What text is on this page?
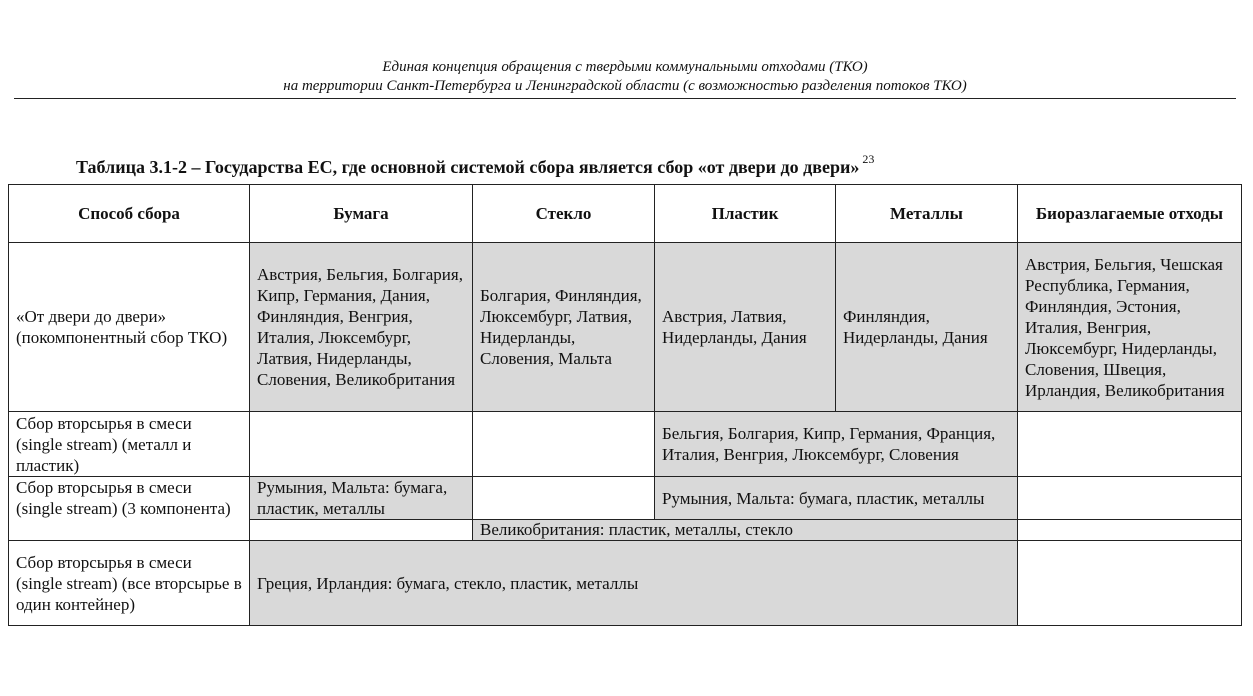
Единая концепция обращения с твердыми коммунальными отходами (ТКО)
на территории Санкт-Петербурга и Ленинградской области (с возможностью разделения потоков ТКО)
Таблица 3.1-2 – Государства ЕС, где основной системой сбора является сбор «от двери до двери» $^{23}$
Способ сбора	Бумага	Стекло	Пластик	Металлы	Биоразлагаемые отходы
«От двери до двери» (покомпонентный сбор ТКО)	Австрия, Бельгия, Болгария, Кипр, Германия, Дания, Финляндия, Венгрия, Италия, Люксембург, Латвия, Нидерланды, Словения, Великобритания	Болгария, Финляндия, Люксембург, Латвия, Нидерланды, Словения, Мальта	Австрия, Латвия, Нидерланды, Дания	Финляндия, Нидерланды, Дания	Австрия, Бельгия, Чешская Республика, Германия, Финляндия, Эстония, Италия, Венгрия, Люксембург, Нидерланды, Словения, Швеция, Ирландия, Великобритания
Сбор вторсырья в смеси (single stream) (металл и пластик)			Бельгия, Болгария, Кипр, Германия, Франция, Италия, Венгрия, Люксембург, Словения		
Сбор вторсырья в смеси (single stream) (3 компонента)	Румыния, Мальта: бумага, пластик, металлы		Румыния, Мальта: бумага, пластик, металлы		
		Великобритания: пластик, металлы, стекло			
Сбор вторсырья в смеси (single stream) (все вторсырье в один контейнер)	Греция, Ирландия: бумага, стекло, пластик, металлы				
